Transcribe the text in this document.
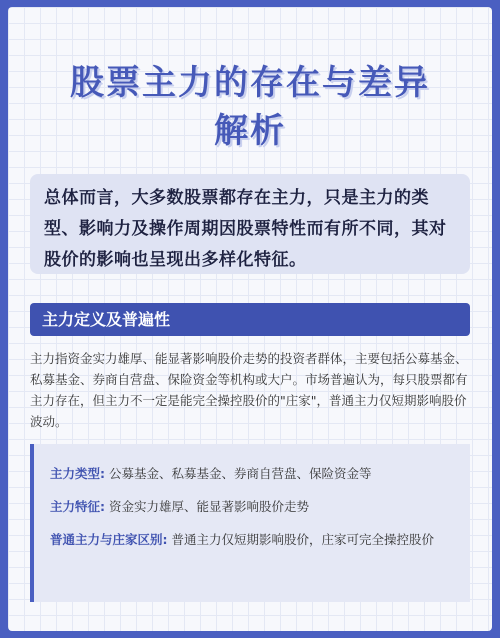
股票主力的存在与差异
解析
总体而言，大多数股票都存在主力，只是主力的类型、影响力及操作周期因股票特性而有所不同，其对股价的影响也呈现出多样化特征。
主力定义及普遍性
主力指资金实力雄厚、能显著影响股价走势的投资者群体，主要包括公募基金、私募基金、券商自营盘、保险资金等机构或大户。市场普遍认为，每只股票都有主力存在，但主力不一定是能完全操控股价的"庄家"，普通主力仅短期影响股价波动。
主力类型: 公募基金、私募基金、券商自营盘、保险资金等
主力特征: 资金实力雄厚、能显著影响股价走势
普通主力与庄家区别: 普通主力仅短期影响股价，庄家可完全操控股价
